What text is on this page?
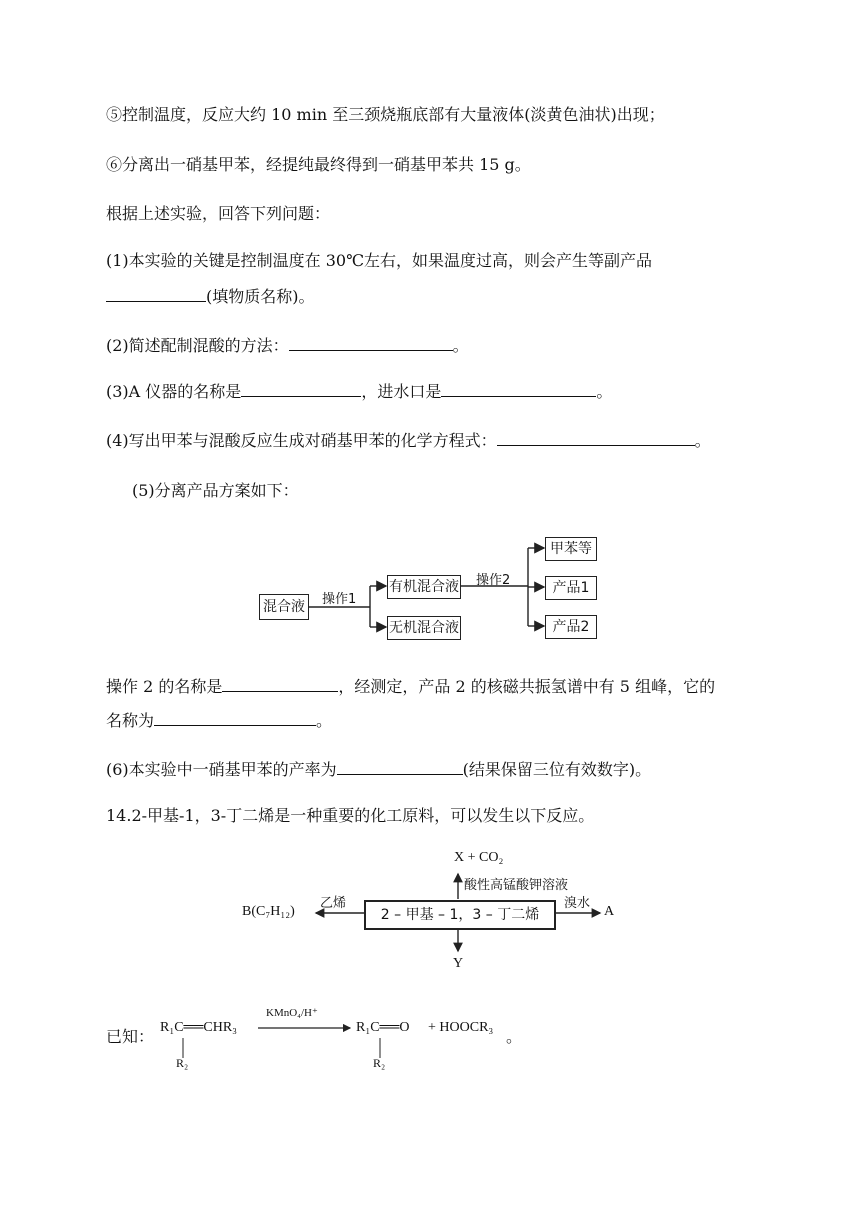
⑤控制温度，反应大约 10 min 至三颈烧瓶底部有大量液体(淡黄色油状)出现；
⑥分离出一硝基甲苯，经提纯最终得到一硝基甲苯共 15 g。
根据上述实验，回答下列问题：
(1)本实验的关键是控制温度在 30℃左右，如果温度过高，则会产生等副产品
(填物质名称)。
(2)简述配制混酸的方法：	。
(3)A 仪器的名称是	，进水口是	。
(4)写出甲苯与混酸反应生成对硝基甲苯的化学方程式：	。
(5)分离产品方案如下：
混合液	操作1
有机混合液
无机混合液
操作2
甲苯等
产品1
产品2
操作 2 的名称是	，经测定，产品 2 的核磁共振氢谱中有 5 组峰，它的
名称为	。
(6)本实验中一硝基甲苯的产率为	(结果保留三位有效数字)。
14.2-甲基-1，3-丁二烯是一种重要的化工原料，可以发生以下反应。
X + CO₂
酸性高锰酸钾溶液
2 – 甲基 – 1，3 – 丁二烯
乙烯
B(C₇H₁₂)
溴水
A
Y
已知： R₁C══CHR₃
R₂
KMnO₄/H⁺
R₁C══O
R₂
+ HOOCR₃ 。
